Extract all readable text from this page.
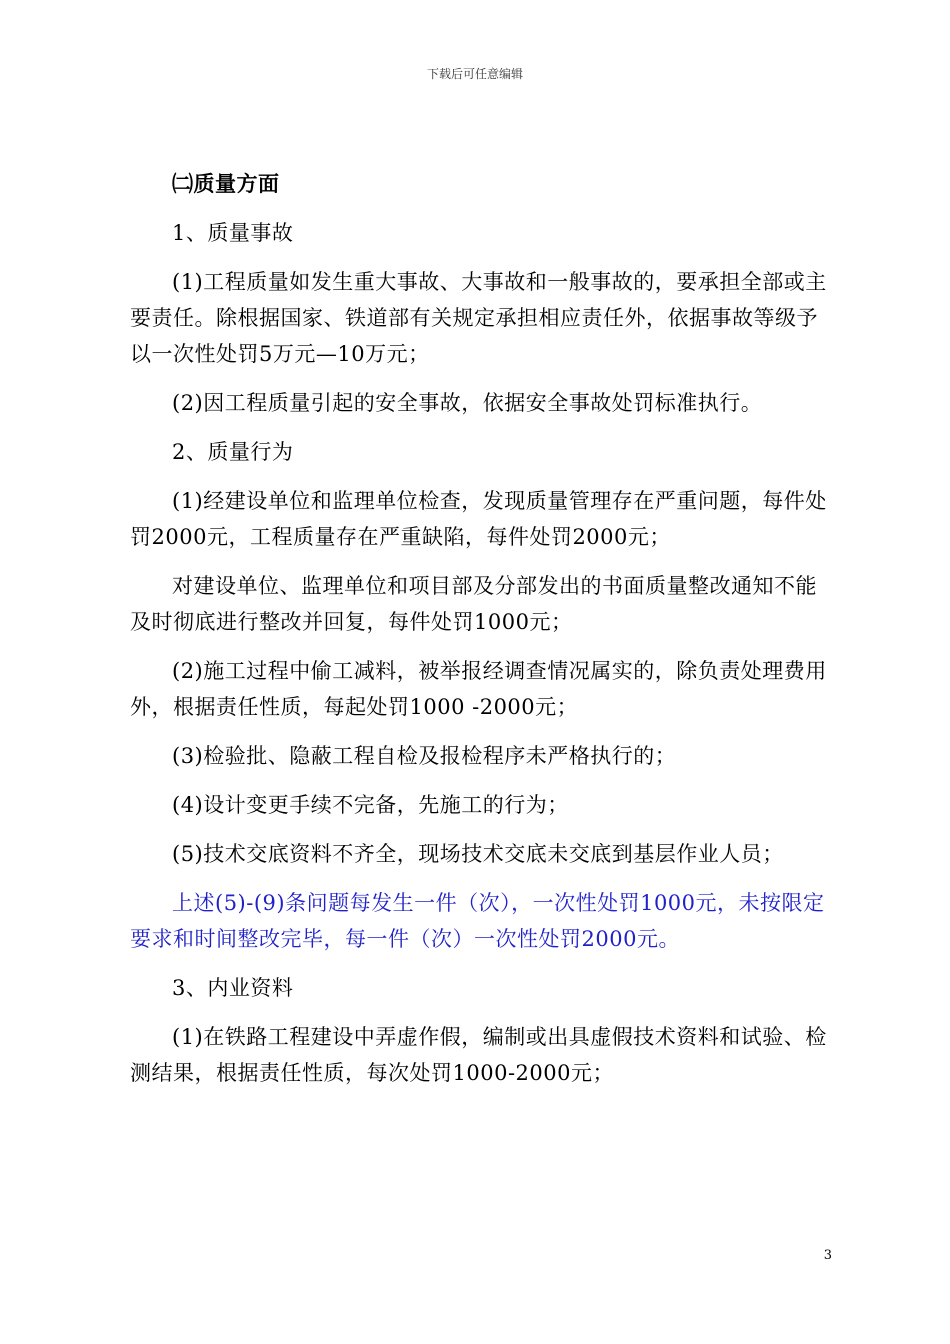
下载后可任意编辑

㈡质量方面

1、质量事故

(1)工程质量如发生重大事故、大事故和一般事故的，要承担全部或主要责任。除根据国家、铁道部有关规定承担相应责任外，依据事故等级予以一次性处罚5万元—10万元；

(2)因工程质量引起的安全事故，依据安全事故处罚标准执行。

2、质量行为

(1)经建设单位和监理单位检查，发现质量管理存在严重问题，每件处罚2000元，工程质量存在严重缺陷，每件处罚2000元；

对建设单位、监理单位和项目部及分部发出的书面质量整改通知不能及时彻底进行整改并回复，每件处罚1000元；

(2)施工过程中偷工减料，被举报经调查情况属实的，除负责处理费用外，根据责任性质，每起处罚1000 -2000元；

(3)检验批、隐蔽工程自检及报检程序未严格执行的；

(4)设计变更手续不完备，先施工的行为；

(5)技术交底资料不齐全，现场技术交底未交底到基层作业人员；

上述(5)-(9)条问题每发生一件（次），一次性处罚1000元，未按限定要求和时间整改完毕，每一件（次）一次性处罚2000元。

3、内业资料

(1)在铁路工程建设中弄虚作假，编制或出具虚假技术资料和试验、检测结果，根据责任性质，每次处罚1000-2000元；

3
